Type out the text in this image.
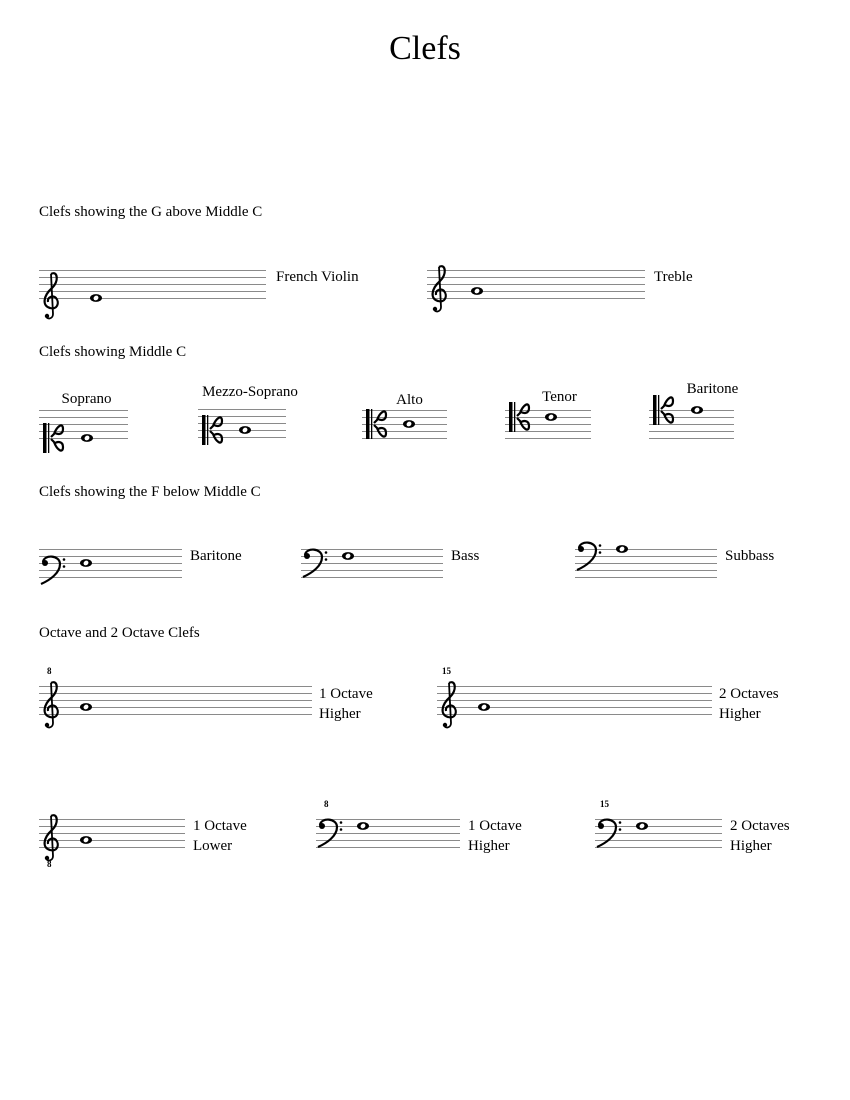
Clefs
Clefs showing the G above Middle C
Clefs showing Middle C
Clefs showing the F below Middle C
Octave and 2 Octave Clefs
French Violin	Treble
Soprano	Mezzo-Soprano	Alto	Tenor	Baritone
Baritone	Bass	Subbass
8
1 Octave
Higher
15
2 Octaves
Higher
8
1 Octave
Lower
8
1 Octave
Higher
15
2 Octaves
Higher
